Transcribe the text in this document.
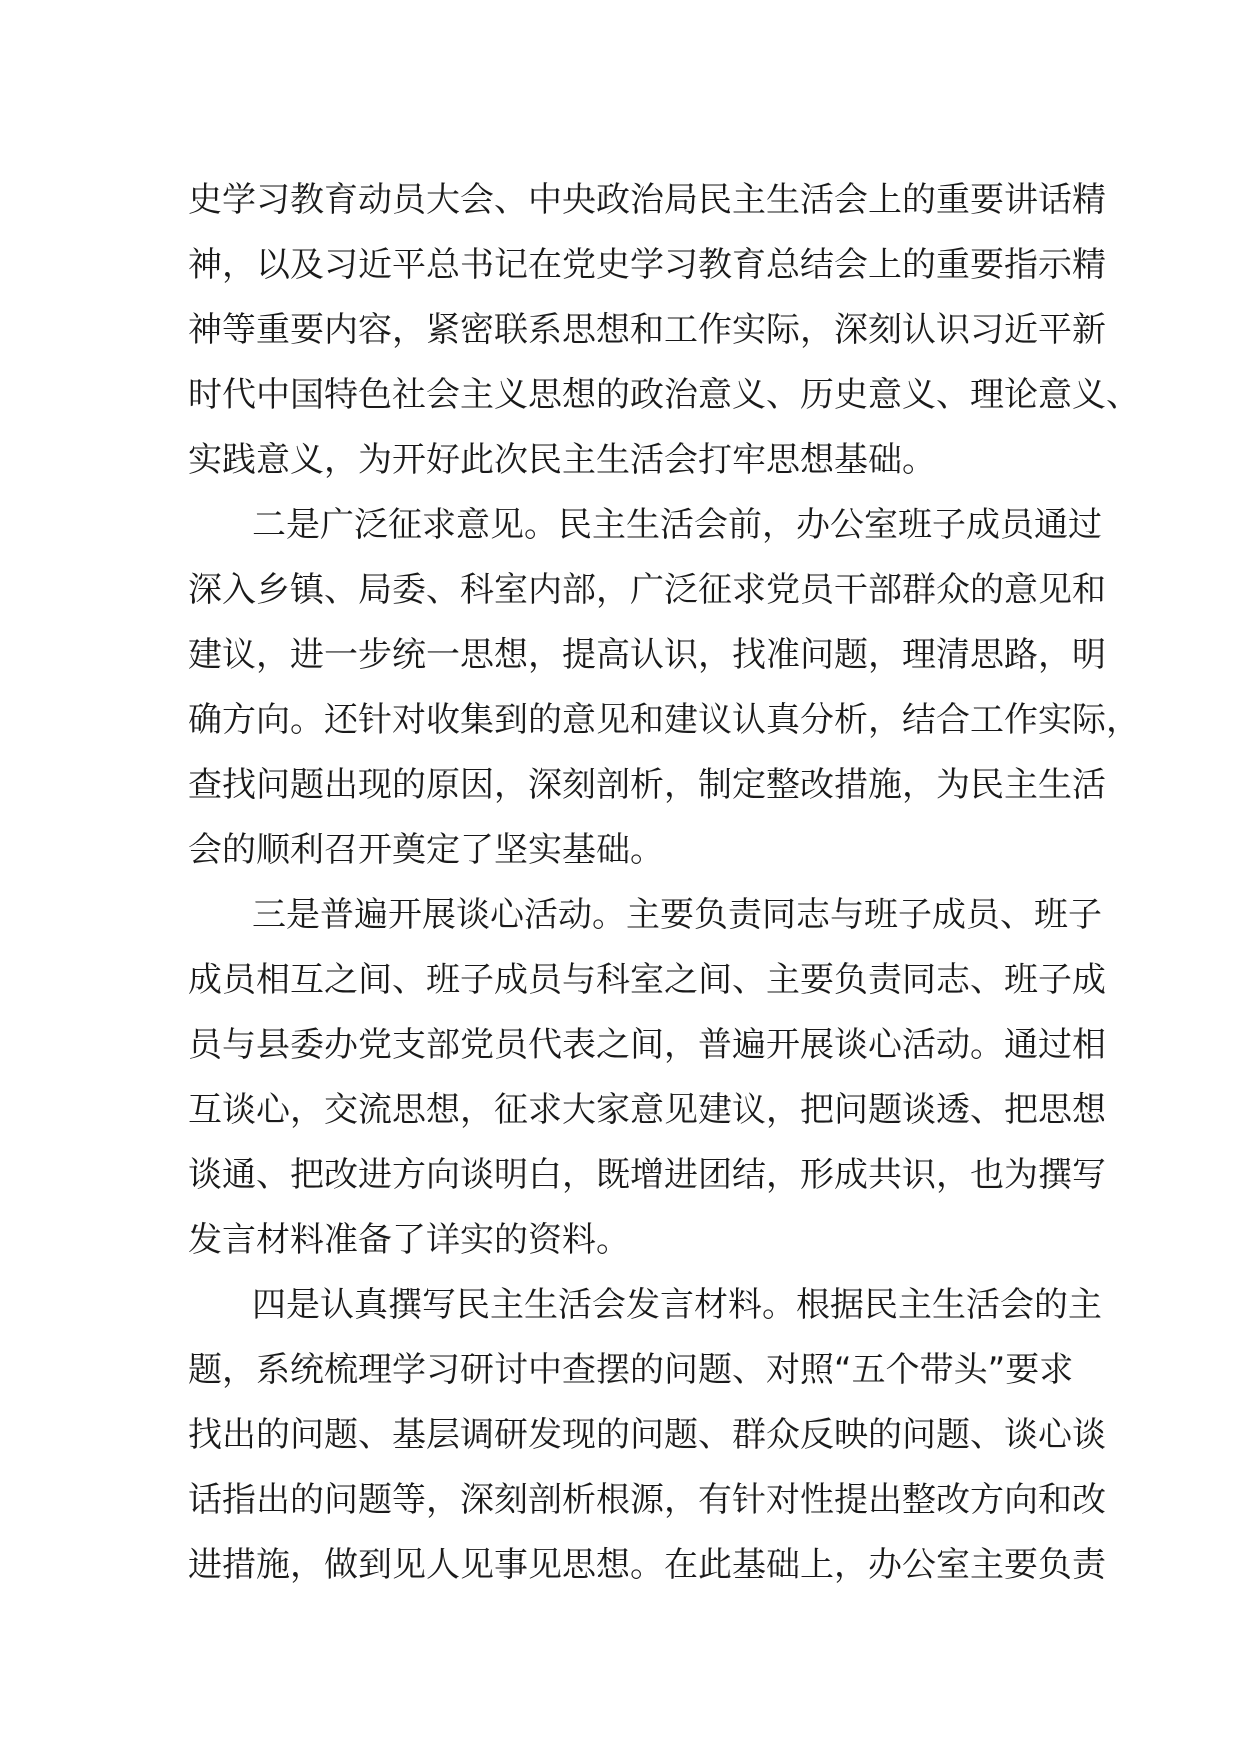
史学习教育动员大会、中央政治局民主生活会上的重要讲话精
神，以及习近平总书记在党史学习教育总结会上的重要指示精
神等重要内容，紧密联系思想和工作实际，深刻认识习近平新
时代中国特色社会主义思想的政治意义、历史意义、理论意义、
实践意义，为开好此次民主生活会打牢思想基础。
二是广泛征求意见。民主生活会前，办公室班子成员通过
深入乡镇、局委、科室内部，广泛征求党员干部群众的意见和
建议，进一步统一思想，提高认识，找准问题，理清思路，明
确方向。还针对收集到的意见和建议认真分析，结合工作实际，
查找问题出现的原因，深刻剖析，制定整改措施，为民主生活
会的顺利召开奠定了坚实基础。
三是普遍开展谈心活动。主要负责同志与班子成员、班子
成员相互之间、班子成员与科室之间、主要负责同志、班子成
员与县委办党支部党员代表之间，普遍开展谈心活动。通过相
互谈心，交流思想，征求大家意见建议，把问题谈透、把思想
谈通、把改进方向谈明白，既增进团结，形成共识，也为撰写
发言材料准备了详实的资料。
四是认真撰写民主生活会发言材料。根据民主生活会的主
题，系统梳理学习研讨中查摆的问题、对照“五个带头”要求
找出的问题、基层调研发现的问题、群众反映的问题、谈心谈
话指出的问题等，深刻剖析根源，有针对性提出整改方向和改
进措施，做到见人见事见思想。在此基础上，办公室主要负责
